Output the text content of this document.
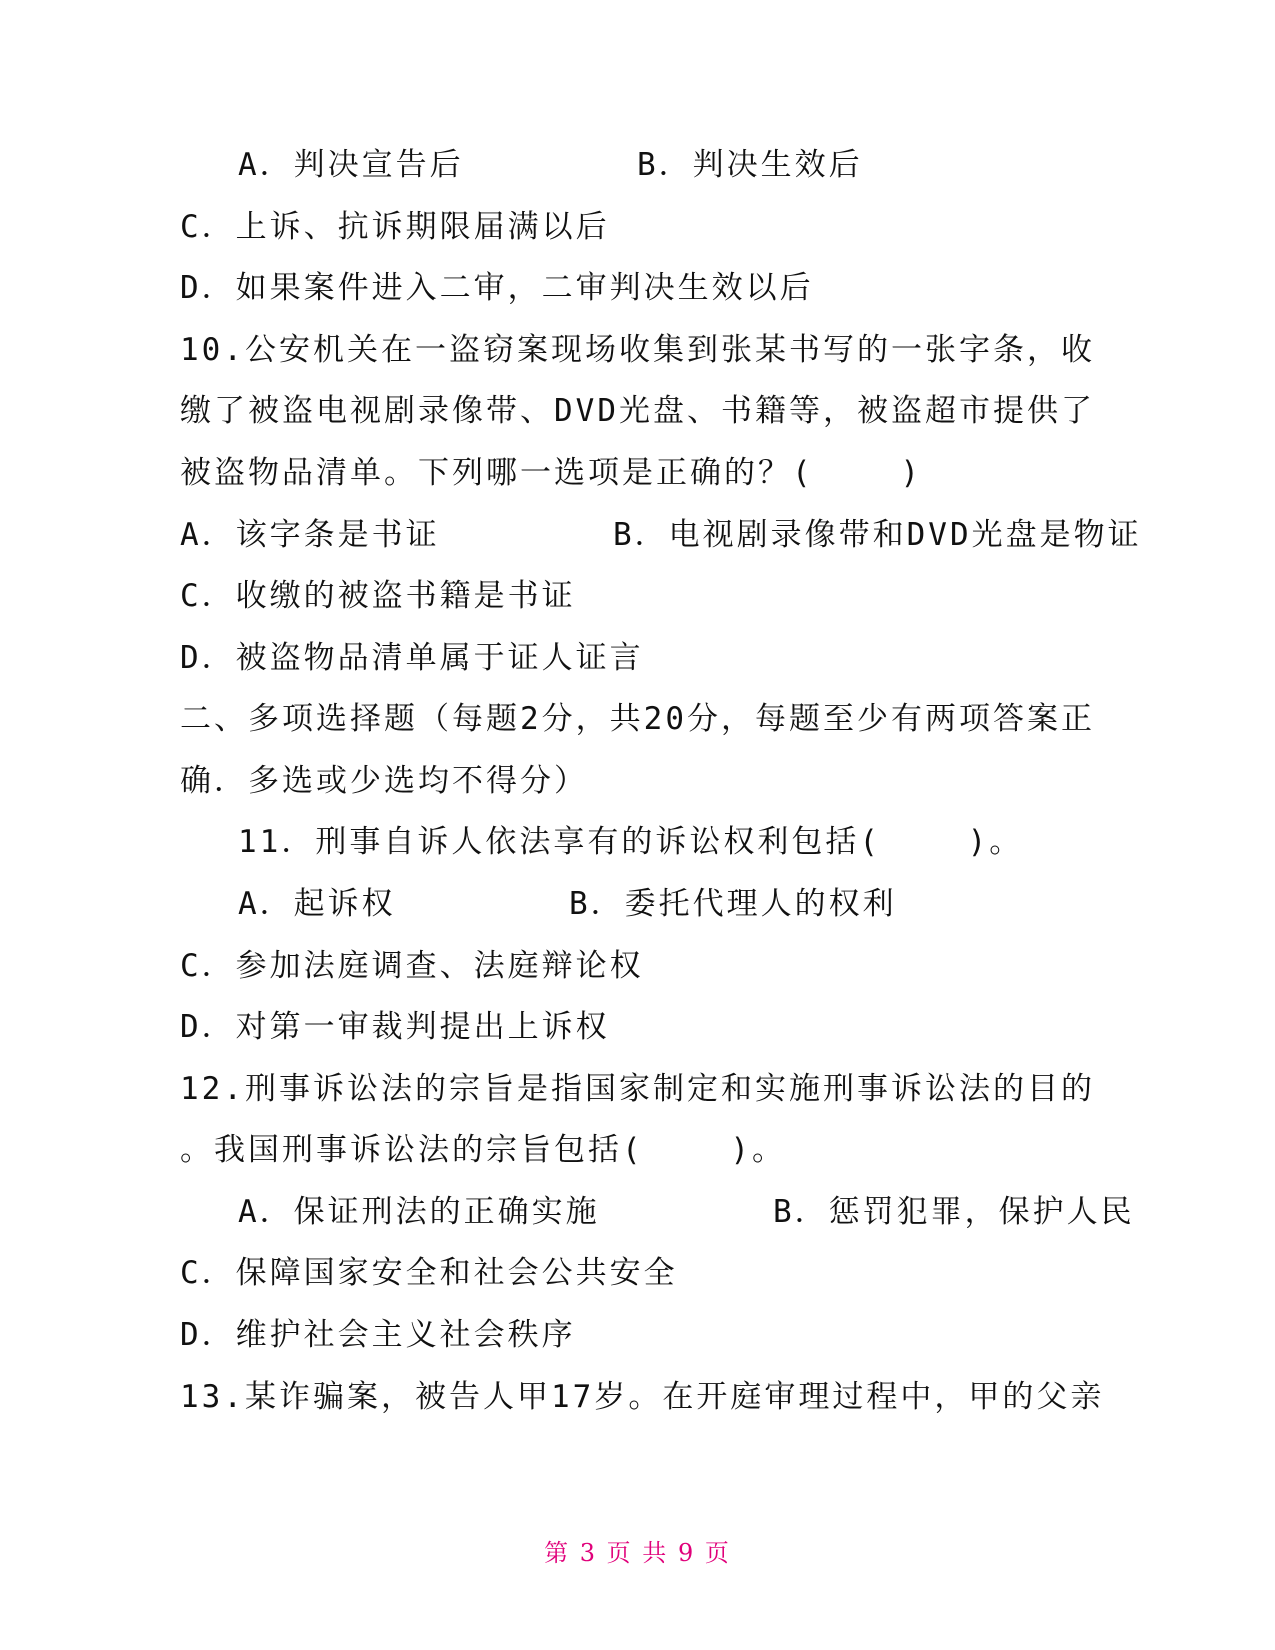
A．判决宣告后        B．判决生效后
C．上诉、抗诉期限届满以后
D．如果案件进入二审，二审判决生效以后
10.公安机关在一盗窃案现场收集到张某书写的一张字条，收
缴了被盗电视剧录像带、DVD光盘、书籍等，被盗超市提供了
被盗物品清单。下列哪一选项是正确的？(    )
A．该字条是书证        B．电视剧录像带和DVD光盘是物证
C．收缴的被盗书籍是书证
D．被盗物品清单属于证人证言
二、多项选择题（每题2分，共20分，每题至少有两项答案正
确．多选或少选均不得分）
11．刑事自诉人依法享有的诉讼权利包括(    )。
A．起诉权        B．委托代理人的权利
C．参加法庭调查、法庭辩论权
D．对第一审裁判提出上诉权
12.刑事诉讼法的宗旨是指国家制定和实施刑事诉讼法的目的
。我国刑事诉讼法的宗旨包括(    )。
A．保证刑法的正确实施        B．惩罚犯罪，保护人民
C．保障国家安全和社会公共安全
D．维护社会主义社会秩序
13.某诈骗案，被告人甲17岁。在开庭审理过程中，甲的父亲
第 3 页 共 9 页
